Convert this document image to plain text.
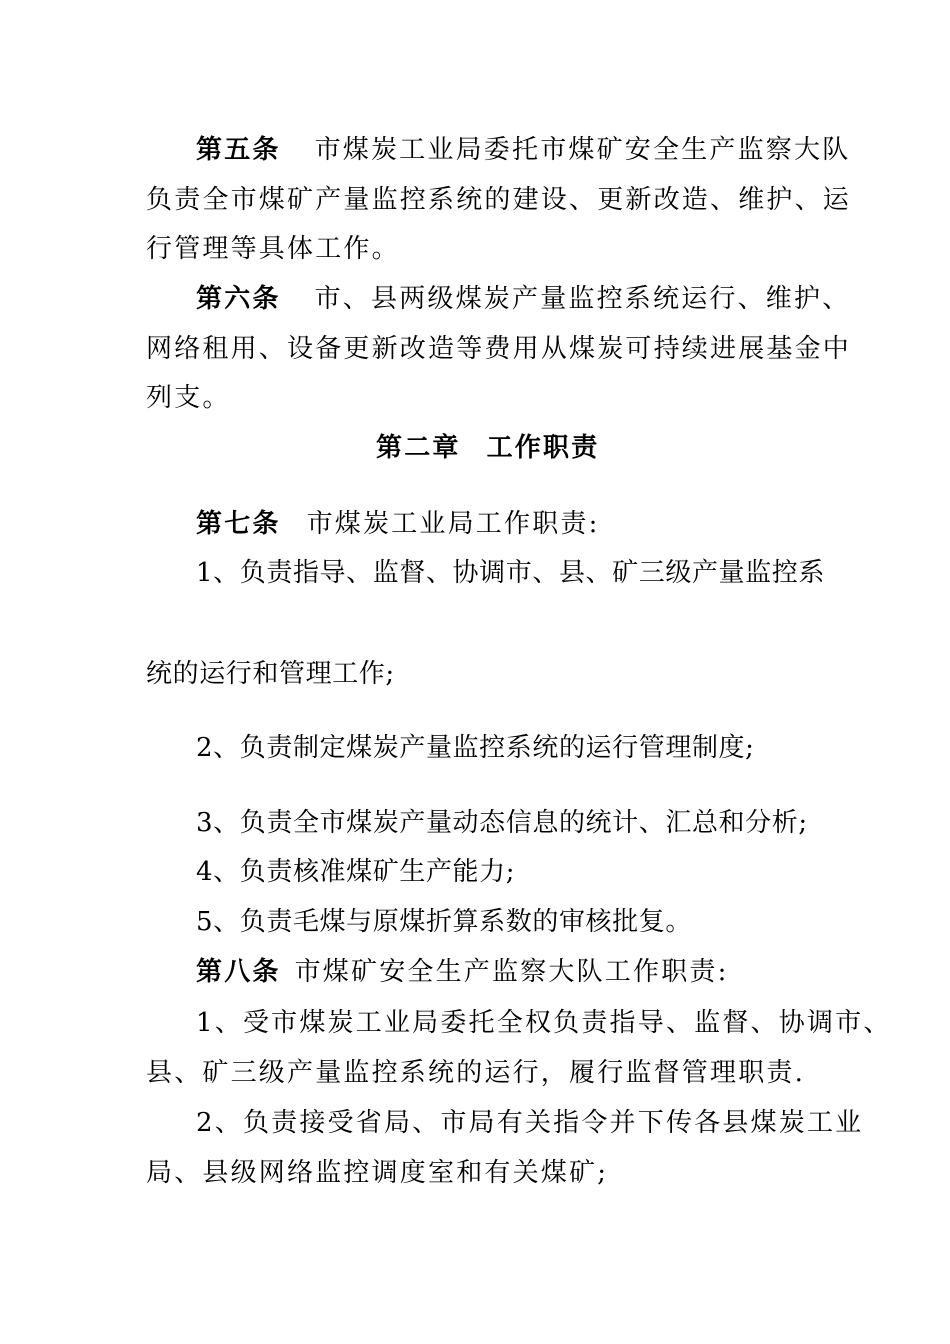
第五条 市煤炭工业局委托市煤矿安全生产监察大队
负责全市煤矿产量监控系统的建设、更新改造、维护、运
行管理等具体工作。
第六条 市、县两级煤炭产量监控系统运行、维护、
网络租用、设备更新改造等费用从煤炭可持续进展基金中
列支。
第二章 工作职责
第七条 市煤炭工业局工作职责:
1、负责指导、监督、协调市、县、矿三级产量监控系
统的运行和管理工作;
2、负责制定煤炭产量监控系统的运行管理制度;
3、负责全市煤炭产量动态信息的统计、汇总和分析;
4、负责核准煤矿生产能力;
5、负责毛煤与原煤折算系数的审核批复。
第八条 市煤矿安全生产监察大队工作职责:
1、受市煤炭工业局委托全权负责指导、监督、协调市、
县、矿三级产量监控系统的运行，履行监督管理职责.
2、负责接受省局、市局有关指令并下传各县煤炭工业
局、县级网络监控调度室和有关煤矿;
